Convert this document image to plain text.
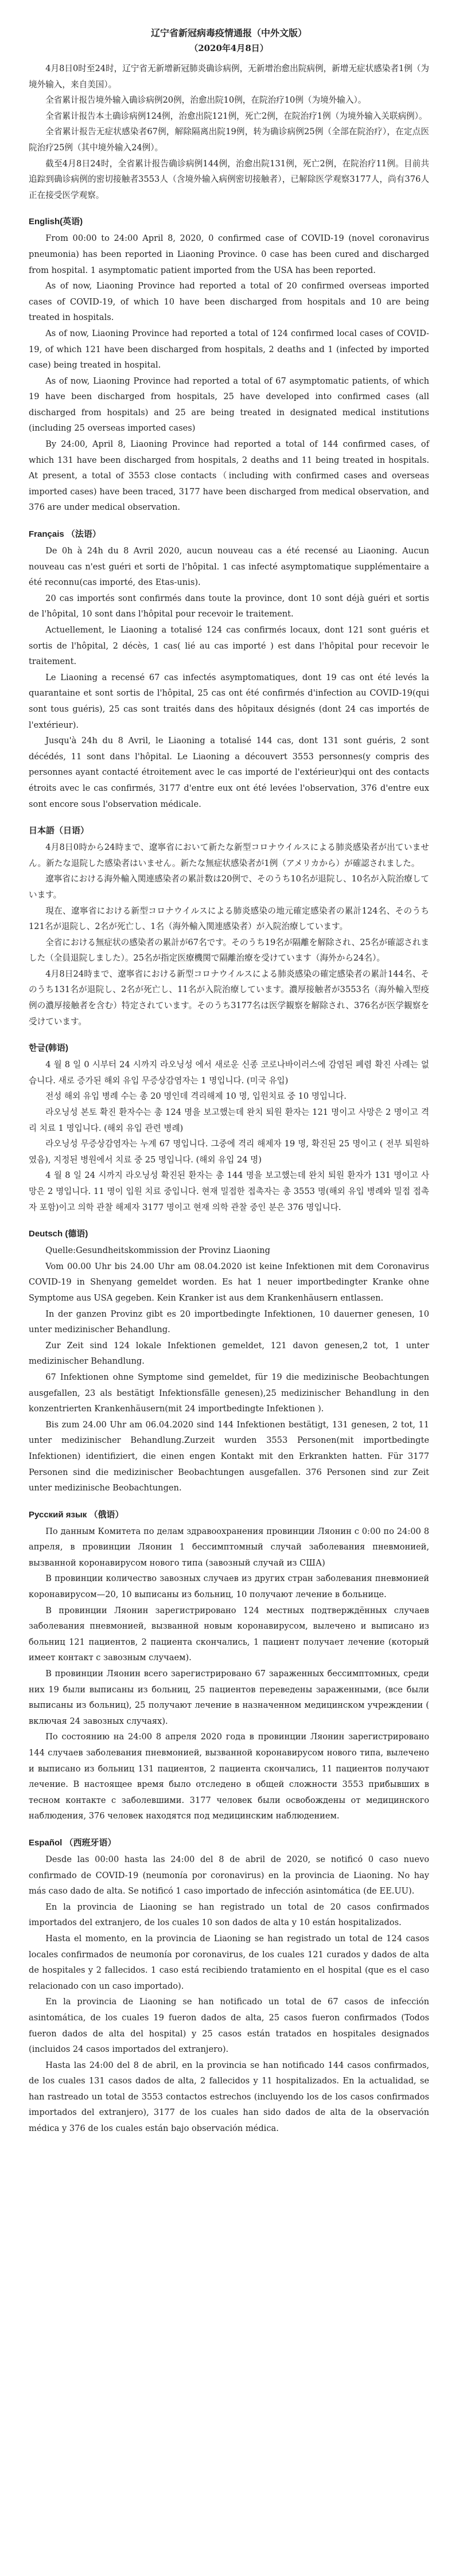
辽宁省新冠病毒疫情通报（中外文版）
（2020年4月8日）

4月8日0时至24时，辽宁省无新增新冠肺炎确诊病例，无新增治愈出院病例，新增无症状感染者1例（为境外输入，来自美国）。

全省累计报告境外输入确诊病例20例，治愈出院10例，在院治疗10例（为境外输入）。

全省累计报告本土确诊病例124例，治愈出院121例，死亡2例，在院治疗1例（为境外输入关联病例）。

全省累计报告无症状感染者67例，解除隔离出院19例，转为确诊病例25例（全部在院治疗），在定点医院治疗25例（其中境外输入24例）。

截至4月8日24时，全省累计报告确诊病例144例，治愈出院131例，死亡2例，在院治疗11例。目前共追踪到确诊病例的密切接触者3553人（含境外输入病例密切接触者），已解除医学观察3177人，尚有376人正在接受医学观察。

English(英语)

From 00:00 to 24:00 April 8, 2020, 0 confirmed case of COVID-19 (novel coronavirus pneumonia) has been reported in Liaoning Province. 0 case has been cured and discharged from hospital. 1 asymptomatic patient imported from the USA has been reported.

As of now, Liaoning Province had reported a total of 20 confirmed overseas imported cases of COVID-19, of which 10 have been discharged from hospitals and 10 are being treated in hospitals.

As of now, Liaoning Province had reported a total of 124 confirmed local cases of COVID-19, of which 121 have been discharged from hospitals, 2 deaths and 1 (infected by imported case) being treated in hospital.

As of now, Liaoning Province had reported a total of 67 asymptomatic patients, of which 19 have been discharged from hospitals, 25 have developed into confirmed cases (all discharged from hospitals) and 25 are being treated in designated medical institutions (including 25 overseas imported cases)

By 24:00, April 8, Liaoning Province had reported a total of 144 confirmed cases, of which 131 have been discharged from hospitals, 2 deaths and 11 being treated in hospitals. At present, a total of 3553 close contacts（including with confirmed cases and overseas imported cases) have been traced, 3177 have been discharged from medical observation, and 376 are under medical observation.

Français （法语）

De 0h à 24h du 8 Avril 2020, aucun nouveau cas a été recensé au Liaoning. Aucun nouveau cas n'est guéri et sorti de l'hôpital. 1 cas infecté asymptomatique supplémentaire a été reconnu(cas importé, des Etas-unis).

20 cas importés sont confirmés dans toute la province, dont 10 sont déjà guéri et sortis de l'hôpital, 10 sont dans l'hôpital pour recevoir le traitement.

Actuellement, le Liaoning a totalisé 124 cas confirmés locaux, dont 121 sont guéris et sortis de l'hôpital, 2 décès, 1 cas( lié au cas importé ) est dans l'hôpital pour recevoir le traitement.

Le Liaoning a recensé 67 cas infectés asymptomatiques, dont 19 cas ont été levés la quarantaine et sont sortis de l'hôpital, 25 cas ont été confirmés d'infection au COVID-19(qui sont tous guéris), 25 cas sont traités dans des hôpitaux désignés (dont 24 cas importés de l'extérieur).

Jusqu'à 24h du 8 Avril, le Liaoning a totalisé 144 cas, dont 131 sont guéris, 2 sont décédés, 11 sont dans l'hôpital. Le Liaoning a découvert 3553 personnes(y compris des personnes ayant contacté étroitement avec le cas importé de l'extérieur)qui ont des contacts étroits avec le cas confirmés, 3177 d'entre eux ont été levées l'observation, 376 d'entre eux sont encore sous l'observation médicale.

日本語（日语）

4月8日0時から24時まで、遼寧省において新たな新型コロナウイルスによる肺炎感染者が出ていません。新たな退院した感染者はいません。新たな無症状感染者が1例（アメリカから）が確認されました。

遼寧省における海外輸入関連感染者の累計数は20例で、そのうち10名が退院し、10名が入院治療しています。

現在、遼寧省における新型コロナウイルスによる肺炎感染の地元確定感染者の累計124名、そのうち121名が退院し、2名が死亡し、1名（海外輸入関連感染者）が入院治療しています。

全省における無症状の感染者の累計が67名です。そのうち19名が隔離を解除され、25名が確認されました（全員退院しました）。25名が指定医療機関で隔離治療を受けています（海外から24名）。

4月8日24時まで、遼寧省における新型コロナウイルスによる肺炎感染の確定感染者の累計144名、そのうち131名が退院し、2名が死亡し、11名が入院治療しています。濃厚接触者が3553名（海外輸入型疫例の濃厚接触者を含む）特定されています。そのうち3177名は医学観察を解除され、376名が医学観察を受けています。

한글(韩语)

4 월 8 일 0 시부터 24 시까지 라오닝성 에서 새로운 신종 코로나바이러스에 감염된 폐렴 확진 사례는 없습니다. 새로 증가된 해외 유입 무증상감염자는 1 명입니다. (미국 유입)

전성 해외 유입 병례 수는 총 20 명인데 격리해제 10 명, 입원치료 중 10 명입니다.

라오닝성 본토 확진 환자수는 총 124 명을 보고했는데 완치 퇴원 환자는 121 명이고 사망은 2 명이고 격리 치료 1 명입니다. (해외 유입 관련 병례)

라오닝성 무증상감염자는 누계 67 명입니다. 그중에 격리 해제자 19 명, 확진된 25 명이고 ( 전부 퇴원하였음), 지정된 병원에서 치료 중 25 명입니다. (해외 유입 24 명)

4 월 8 일 24 시까지 라오닝성 확진된 환자는 총 144 명을 보고했는데 완치 퇴원 환자가 131 명이고 사망은 2 명입니다. 11 명이 입원 치료 중입니다. 현재 밀접한 접촉자는 총 3553 명(해외 유입 병례와 밀접 접촉자 포함)이고 의학 관찰 해제자 3177 명이고 현재 의학 관찰 중인 분은 376 명입니다.

Deutsch (德语)

Quelle:Gesundheitskommission der Provinz Liaoning

Vom 00.00 Uhr bis 24.00 Uhr am 08.04.2020 ist keine Infektionen mit dem Coronavirus COVID-19 in Shenyang gemeldet worden. Es hat 1 neuer importbedingter Kranke ohne Symptome aus USA gegeben. Kein Kranker ist aus dem Krankenhäusern entlassen.

In der ganzen Provinz gibt es 20 importbedingte Infektionen, 10 dauerner genesen, 10 unter medizinischer Behandlung.

Zur Zeit sind 124 lokale Infektionen gemeldet, 121 davon genesen,2 tot, 1 unter medizinischer Behandlung.

67 Infektionen ohne Symptome sind gemeldet, für 19 die medizinische Beobachtungen ausgefallen, 23 als bestätigt Infektionsfälle genesen),25 medizinischer Behandlung in den konzentrierten Krankenhäusern(mit 24 importbedingte Infektionen ).

Bis zum 24.00 Uhr am 06.04.2020 sind 144 Infektionen bestätigt, 131 genesen, 2 tot, 11 unter medizinischer Behandlung.Zurzeit wurden 3553 Personen(mit importbedingte Infektionen) identifiziert, die einen engen Kontakt mit den Erkrankten hatten. Für 3177 Personen sind die medizinischer Beobachtungen ausgefallen. 376 Personen sind zur Zeit unter medizinische Beobachtungen.

Русский язык （俄语）

По данным Комитета по делам здравоохранения провинции Ляонин с 0:00 по 24:00 8 апреля, в провинции Ляонин 1 бессимптомный случай заболевания пневмонией, вызванной коронавирусом нового типа (завозный случай из США)

В провинции количество завозных случаев из других стран заболевания пневмонией коронавирусом—20, 10 выписаны из больниц, 10 получают лечение в больнице.

В провинции Ляонин зарегистрировано 124 местных подтверждённых случаев заболевания пневмонией, вызванной новым коронавирусом, вылечено и выписано из больниц 121 пациентов, 2 пациента скончались, 1 пациент получает лечение (который имеет контакт с завозным случаем).

В провинции Ляонин всего зарегистрировано 67 зараженных бессимптомных, среди них 19 были выписаны из больниц, 25 пациентов переведены зараженными, (все были выписаны из больниц), 25 получают лечение в назначенном медицинском учреждении ( включая 24 завозных случаях).

По состоянию на 24:00 8 апреля 2020 года в провинции Ляонин зарегистрировано 144 случаев заболевания пневмонией, вызванной коронавирусом нового типа, вылечено и выписано из больниц 131 пациентов, 2 пациента скончались, 11 пациентов получают лечение. В настоящее время было отследено в общей сложности 3553 прибывших в тесном контакте с заболевшими. 3177 человек были освобождены от медицинского наблюдения, 376 человек находятся под медицинским наблюдением.

Español （西班牙语）

Desde las 00:00 hasta las 24:00 del 8 de abril de 2020, se notificó 0 caso nuevo confirmado de COVID-19 (neumonía por coronavirus) en la provincia de Liaoning. No hay más caso dado de alta. Se notificó 1 caso importado de infección asintomática (de EE.UU).

En la provincia de Liaoning se han registrado un total de 20 casos confirmados importados del extranjero, de los cuales 10 son dados de alta y 10 están hospitalizados.

Hasta el momento, en la provincia de Liaoning se han registrado un total de 124 casos locales confirmados de neumonía por coronavirus, de los cuales 121 curados y dados de alta de hospitales y 2 fallecidos. 1 caso está recibiendo tratamiento en el hospital (que es el caso relacionado con un caso importado).

En la provincia de Liaoning se han notificado un total de 67 casos de infección asintomática, de los cuales 19 fueron dados de alta, 25 casos fueron confirmados (Todos fueron dados de alta del hospital) y 25 casos están tratados en hospitales designados (incluidos 24 casos importados del extranjero).

Hasta las 24:00 del 8 de abril, en la provincia se han notificado 144 casos confirmados, de los cuales 131 casos dados de alta, 2 fallecidos y 11 hospitalizados. En la actualidad, se han rastreado un total de 3553 contactos estrechos (incluyendo los de los casos confirmados importados del extranjero), 3177 de los cuales han sido dados de alta de la observación médica y 376 de los cuales están bajo observación médica.
